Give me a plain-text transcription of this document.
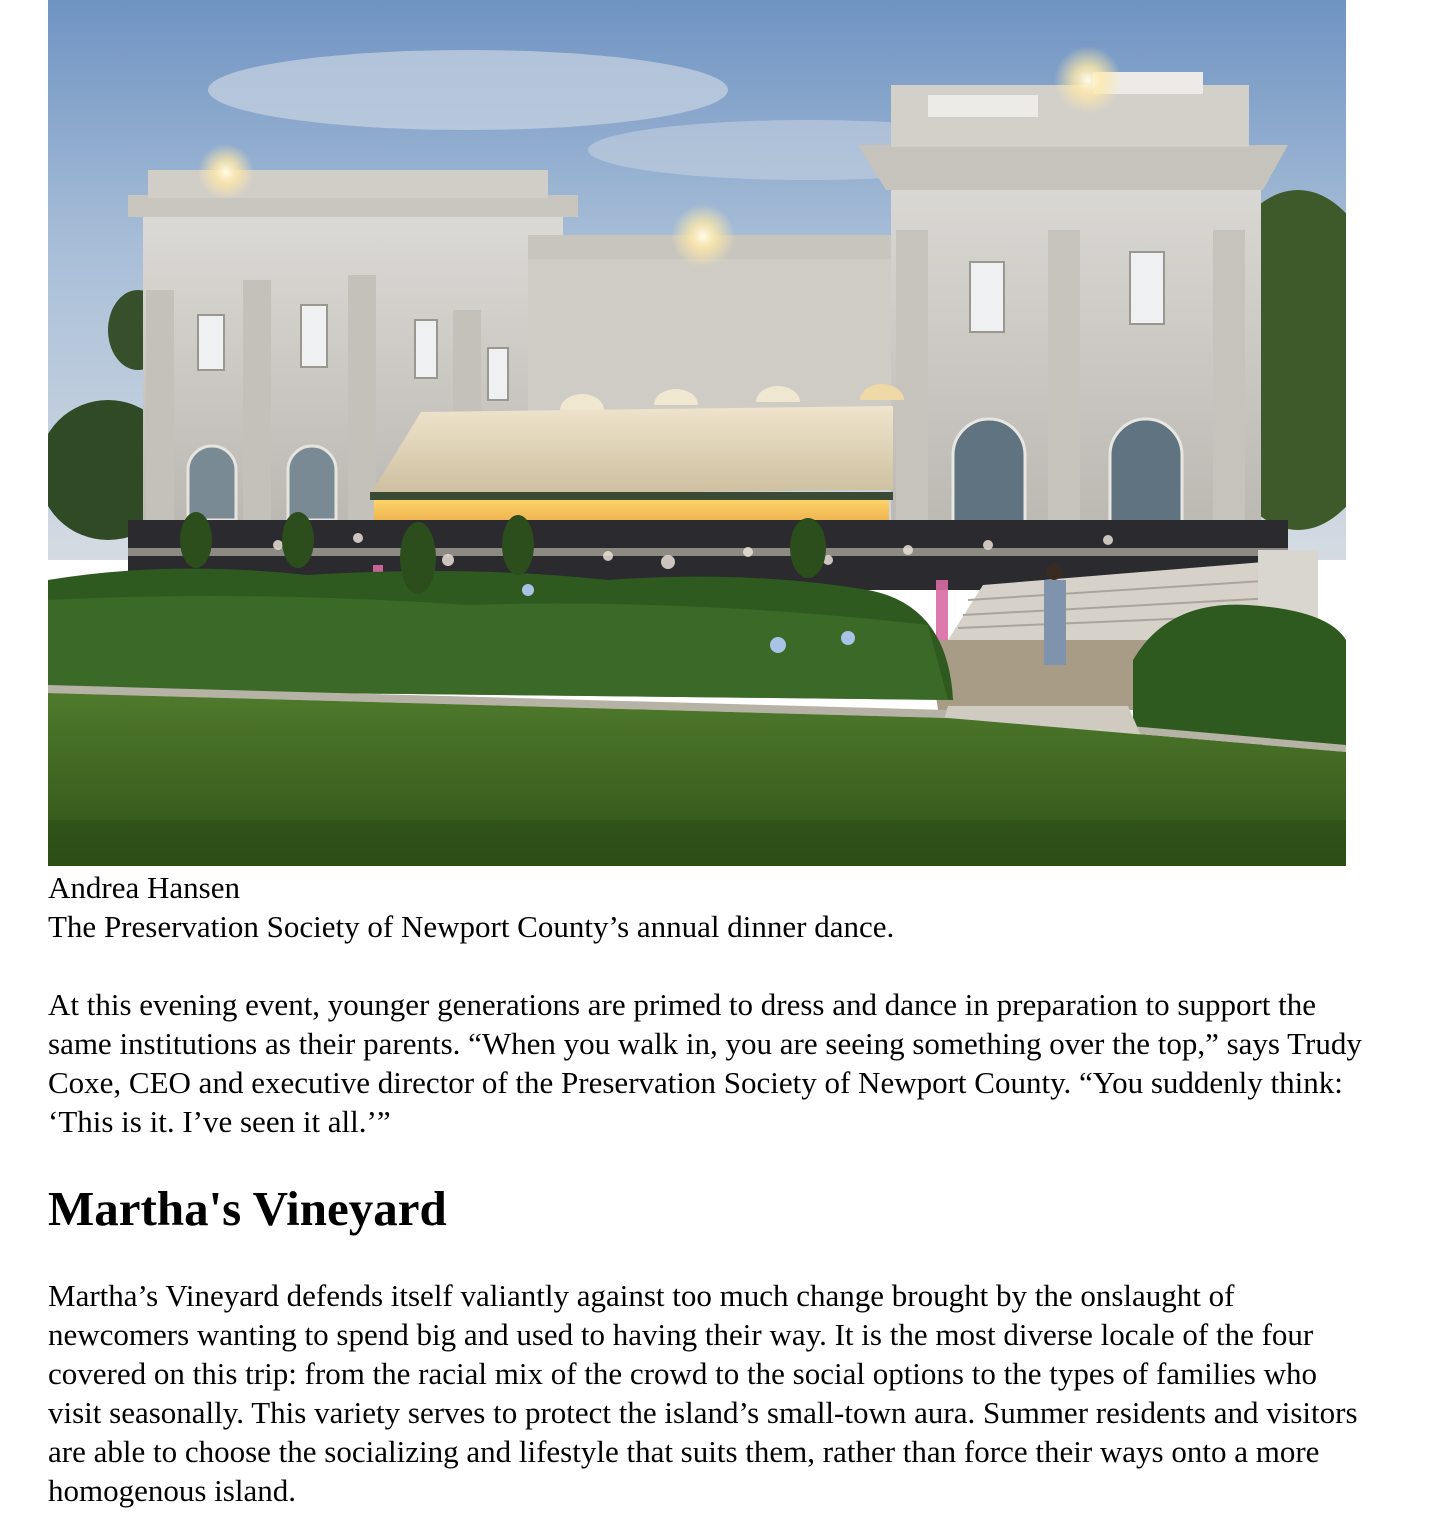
Andrea Hansen
The Preservation Society of Newport County’s annual dinner dance.

At this evening event, younger generations are primed to dress and dance in preparation to support the same institutions as their parents. “When you walk in, you are seeing something over the top,” says Trudy Coxe, CEO and executive director of the Preservation Society of Newport County. “You suddenly think: ‘This is it. I’ve seen it all.’”

Martha's Vineyard

Martha’s Vineyard defends itself valiantly against too much change brought by the onslaught of newcomers wanting to spend big and used to having their way. It is the most diverse locale of the four covered on this trip: from the racial mix of the crowd to the social options to the types of families who visit seasonally. This variety serves to protect the island’s small-town aura. Summer residents and visitors are able to choose the socializing and lifestyle that suits them, rather than force their ways onto a more homogenous island.
